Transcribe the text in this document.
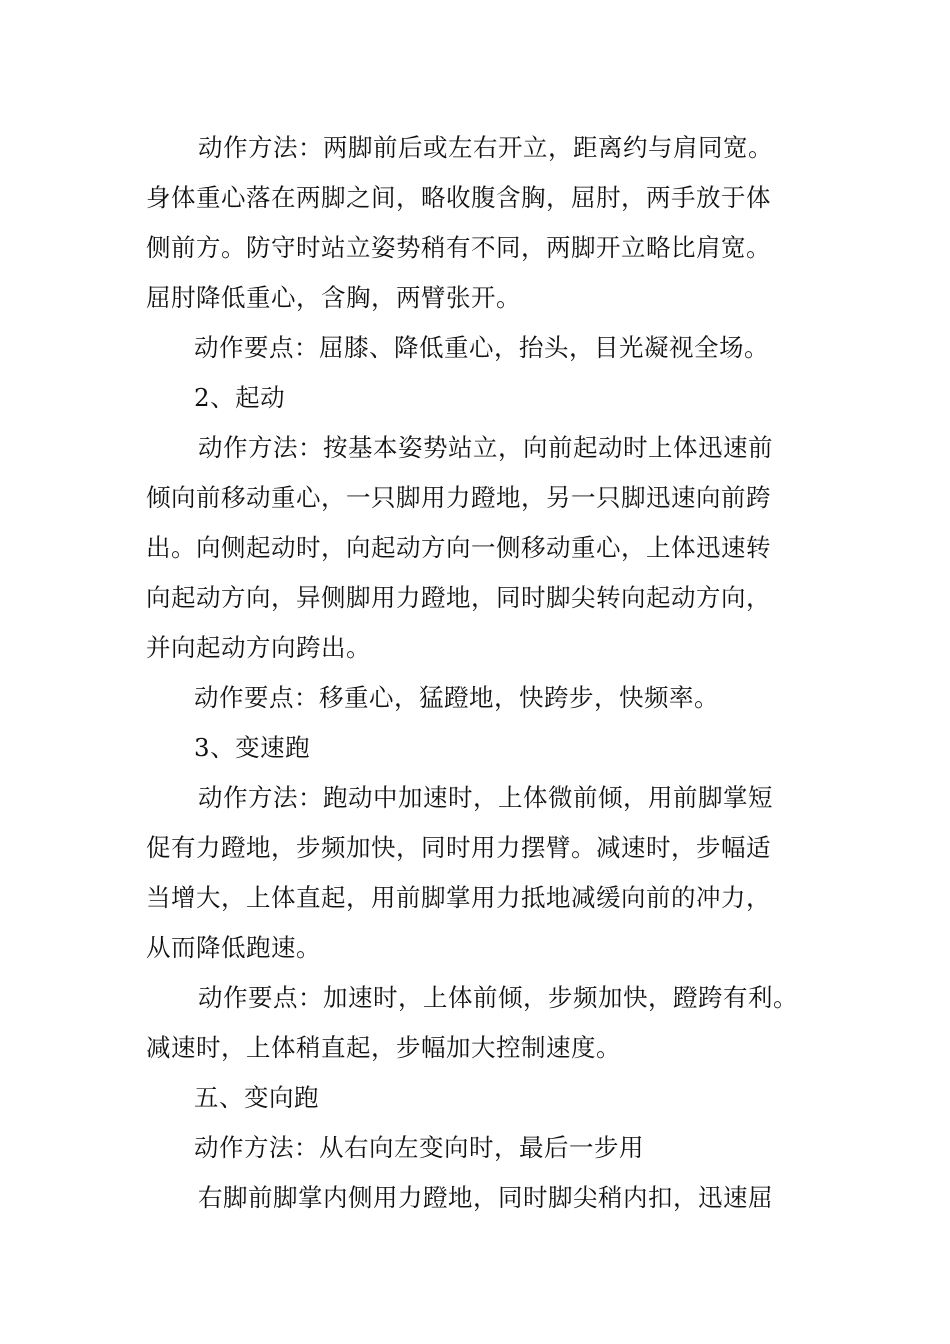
动作方法：两脚前后或左右开立，距离约与肩同宽。
身体重心落在两脚之间，略收腹含胸，屈肘，两手放于体
侧前方。防守时站立姿势稍有不同，两脚开立略比肩宽。
屈肘降低重心，含胸，两臂张开。
动作要点：屈膝、降低重心，抬头，目光凝视全场。
2、起动
动作方法：按基本姿势站立，向前起动时上体迅速前
倾向前移动重心，一只脚用力蹬地，另一只脚迅速向前跨
出。向侧起动时，向起动方向一侧移动重心，上体迅速转
向起动方向，异侧脚用力蹬地，同时脚尖转向起动方向，
并向起动方向跨出。
动作要点：移重心，猛蹬地，快跨步，快频率。
3、变速跑
动作方法：跑动中加速时，上体微前倾，用前脚掌短
促有力蹬地，步频加快，同时用力摆臂。减速时，步幅适
当增大，上体直起，用前脚掌用力抵地减缓向前的冲力，
从而降低跑速。
动作要点：加速时，上体前倾，步频加快，蹬跨有利。
减速时，上体稍直起，步幅加大控制速度。
五、变向跑
动作方法：从右向左变向时，最后一步用
右脚前脚掌内侧用力蹬地，同时脚尖稍内扣，迅速屈
